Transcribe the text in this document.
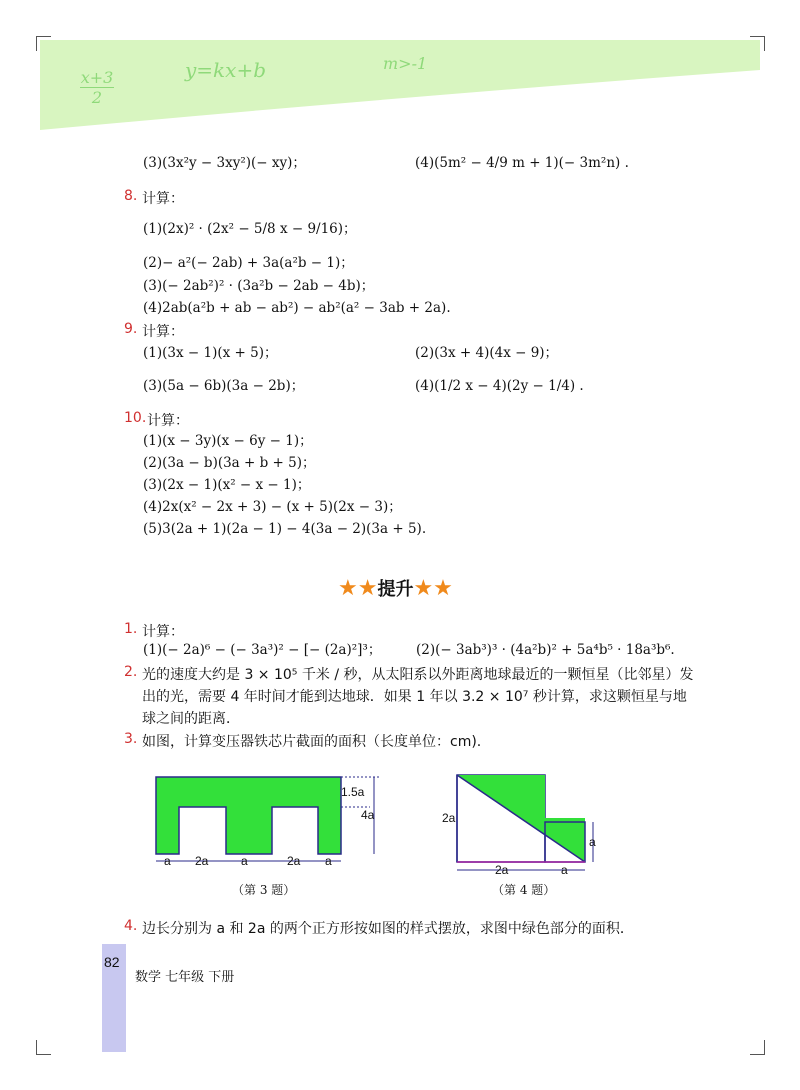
x+3
2
y=kx+b	m>-1
(3)(3x²y − 3xy²)(− xy)；	(4)(5m² − 4/9 m + 1)(− 3m²n) .
8. 计算：
(1)(2x)² · (2x² − 5/8 x − 9/16)；
(2)− a²(− 2ab) + 3a(a²b − 1)；
(3)(− 2ab²)² · (3a²b − 2ab − 4b)；
(4)2ab(a²b + ab − ab²) − ab²(a² − 3ab + 2a).
9. 计算：
(1)(3x − 1)(x + 5)；	(2)(3x + 4)(4x − 9)；
(3)(5a − 6b)(3a − 2b)；	(4)(1/2 x − 4)(2y − 1/4) .
10. 计算：
(1)(x − 3y)(x − 6y − 1)；
(2)(3a − b)(3a + b + 5)；
(3)(2x − 1)(x² − x − 1)；
(4)2x(x² − 2x + 3) − (x + 5)(2x − 3)；
(5)3(2a + 1)(2a − 1) − 4(3a − 2)(3a + 5).
★★提升★★
1. 计算：
(1)(− 2a)⁶ − (− 3a³)² − [− (2a)²]³；	(2)(− 3ab³)³ · (4a²b)² + 5a⁴b⁵ · 18a³b⁶.
2. 光的速度大约是 3 × 10⁵ 千米 / 秒，从太阳系以外距离地球最近的一颗恒星（比邻星）发
出的光，需要 4 年时间才能到达地球．如果 1 年以 3.2 × 10⁷ 秒计算，求这颗恒星与地
球之间的距离．
3. 如图，计算变压器铁芯片截面的面积（长度单位：cm).
1.5a
4a
a 2a	a	2a a
（第 3 题）
2a
a
2a	a
（第 4 题）
4. 边长分别为 a 和 2a 的两个正方形按如图的样式摆放，求图中绿色部分的面积．
82
数学 七年级 下册
